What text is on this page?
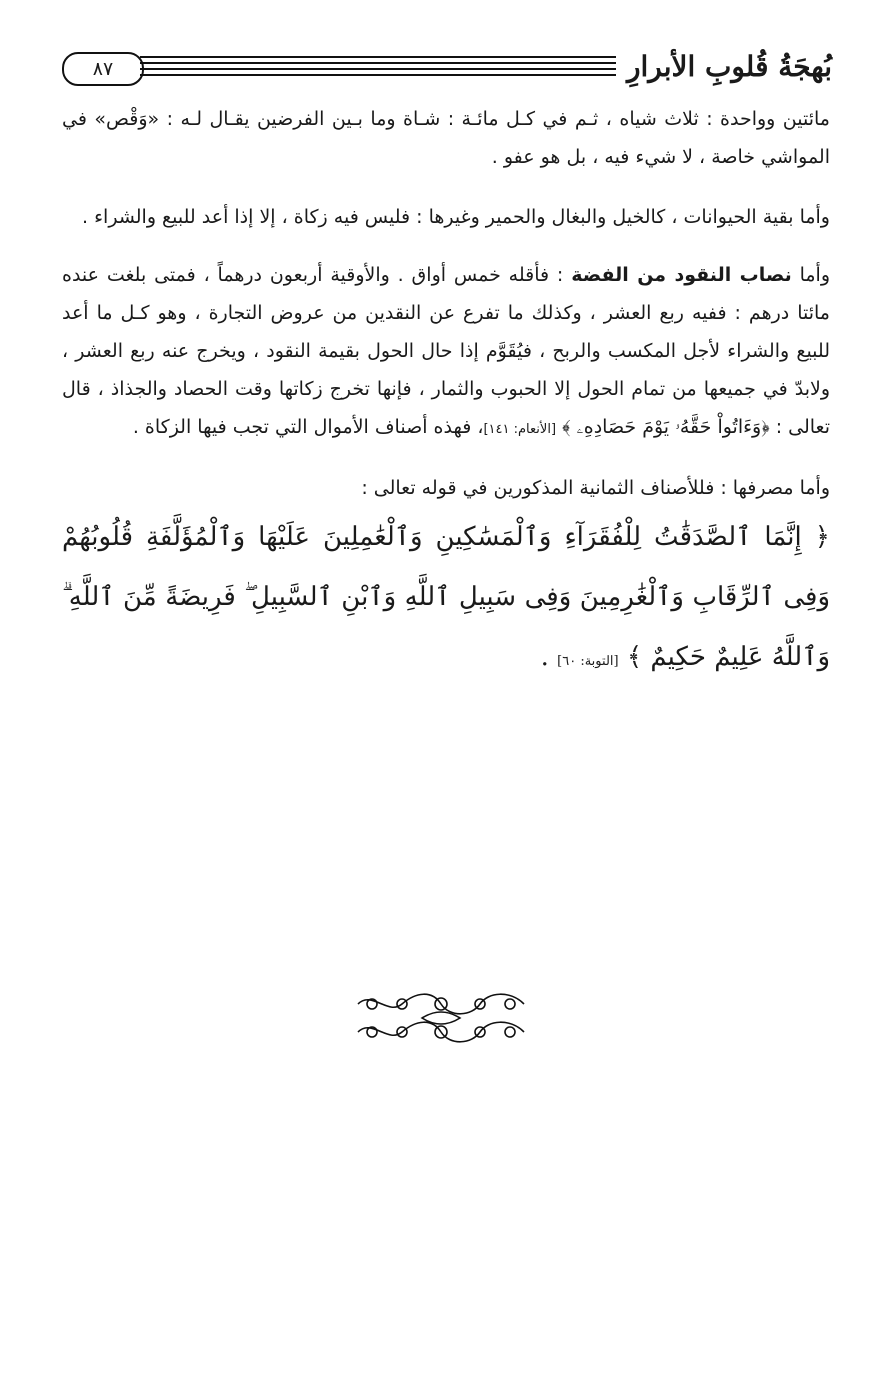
٨٧	بُهجَةُ قُلوبِ الأبرارِ

مائتين وواحدة : ثلاث شياه ، ثـم في كـل مائـة : شـاة وما بـين الفرضين يقـال لـه : «وَقْص» في المواشي خاصة ، لا شيء فيه ، بل هو عفو .

وأما بقية الحيوانات ، كالخيل والبغال والحمير وغيرها : فليس فيه زكاة ، إلا إذا أعد للبيع والشراء .

وأما نصاب النقود من الفضة : فأقله خمس أواق . والأوقية أربعون درهماً ، فمتى بلغت عنده مائتا درهم : ففيه ربع العشر ، وكذلك ما تفرع عن النقدين من عروض التجارة ، وهو كـل ما أعد للبيع والشراء لأجل المكسب والربح ، فيُقَوَّم إذا حال الحول بقيمة النقود ، ويخرج عنه ربع العشر ، ولابدّ في جميعها من تمام الحول إلا الحبوب والثمار ، فإنها تخرج زكاتها وقت الحصاد والجذاذ ، قال تعالى : ﴿وَءَاتُواْ حَقَّهُۥ يَوْمَ حَصَادِهِۦ ﴾ [الأنعام: ١٤١]، فهذه أصناف الأموال التي تجب فيها الزكاة .

وأما مصرفها : فللأصناف الثمانية المذكورين في قوله تعالى :
﴿ إِنَّمَا ٱلصَّدَقَٰتُ لِلْفُقَرَآءِ وَٱلْمَسَٰكِينِ وَٱلْعَٰمِلِينَ عَلَيْهَا وَٱلْمُؤَلَّفَةِ قُلُوبُهُمْ وَفِى ٱلرِّقَابِ وَٱلْغَٰرِمِينَ وَفِى سَبِيلِ ٱللَّهِ وَٱبْنِ ٱلسَّبِيلِ ۖ فَرِيضَةً مِّنَ ٱللَّهِ ۗ وَٱللَّهُ عَلِيمٌ حَكِيمٌ ﴾ [التوبة: ٦٠] .
